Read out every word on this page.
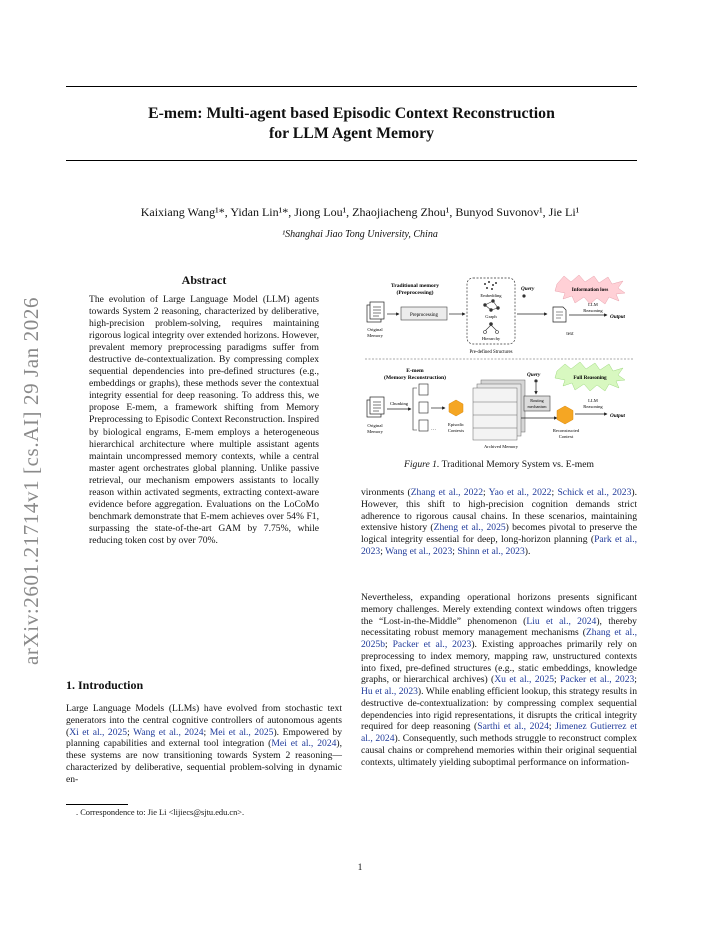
E-mem: Multi-agent based Episodic Context Reconstruction
for LLM Agent Memory

Kaixiang Wang¹*, Yidan Lin¹*, Jiong Lou¹, Zhaojiacheng Zhou¹, Bunyod Suvonov¹, Jie Li¹

¹Shanghai Jiao Tong University, China

arXiv:2601.21714v1 [cs.AI] 29 Jan 2026
Abstract

The evolution of Large Language Model (LLM) agents towards System 2 reasoning, characterized by deliberative, high-precision problem-solving, requires maintaining rigorous logical integrity over extended horizons. However, prevalent memory preprocessing paradigms suffer from destructive de-contextualization. By compressing complex sequential dependencies into pre-defined structures (e.g., embeddings or graphs), these methods sever the contextual integrity essential for deep reasoning. To address this, we propose E-mem, a framework shifting from Memory Preprocessing to Episodic Context Reconstruction. Inspired by biological engrams, E-mem employs a heterogeneous hierarchical architecture where multiple assistant agents maintain uncompressed memory contexts, while a central master agent orchestrates global planning. Unlike passive retrieval, our mechanism empowers assistants to locally reason within activated segments, extracting context-aware evidence before aggregation. Evaluations on the LoCoMo benchmark demonstrate that E-mem achieves over 54% F1, surpassing the state-of-the-art GAM by 7.75%, while reducing token cost by over 70%.

1. Introduction

Large Language Models (LLMs) have evolved from stochastic text generators into the central cognitive controllers of autonomous agents (Xi et al., 2025; Wang et al., 2024; Mei et al., 2025). Empowered by planning capabilities and external tool integration (Mei et al., 2024), these systems are now transitioning towards System 2 reasoning—characterized by deliberative, sequential problem-solving in dynamic en-

. Correspondence to: Jie Li <lijiecs@sjtu.edu.cn>.

Traditional memory
(Preprocessing)
Original
Memory
Preprocessing
Embedding
Graph
Hierarchy
Pre-defined Structures
Query	Information loss
LLM
Reasoning
Output
text
E-mem
(Memory Reconstruction)
Original
Memory
Chunking
···
Episodic
Contexts
Archived Memory
Query
Routing
mechanism
Reconstructed
Context
Full Reasoning
LLM
Reasoning
Output

Figure 1. Traditional Memory System vs. E-mem

vironments (Zhang et al., 2022; Yao et al., 2022; Schick et al., 2023). However, this shift to high-precision cognition demands strict adherence to rigorous causal chains. In these scenarios, maintaining extensive history (Zheng et al., 2025) becomes pivotal to preserve the logical integrity essential for deep, long-horizon planning (Park et al., 2023; Wang et al., 2023; Shinn et al., 2023).

Nevertheless, expanding operational horizons presents significant memory challenges. Merely extending context windows often triggers the “Lost-in-the-Middle” phenomenon (Liu et al., 2024), thereby necessitating robust memory management mechanisms (Zhang et al., 2025b; Packer et al., 2023). Existing approaches primarily rely on preprocessing to index memory, mapping raw, unstructured contexts into fixed, pre-defined structures (e.g., static embeddings, knowledge graphs, or hierarchical archives) (Xu et al., 2025; Packer et al., 2023; Hu et al., 2023). While enabling efficient lookup, this strategy results in destructive de-contextualization: by compressing complex sequential dependencies into rigid representations, it disrupts the critical integrity required for deep reasoning (Sarthi et al., 2024; Jimenez Gutierrez et al., 2024). Consequently, such methods struggle to reconstruct complex causal chains or comprehend memories within their original sequential contexts, ultimately yielding suboptimal performance on information-

1
